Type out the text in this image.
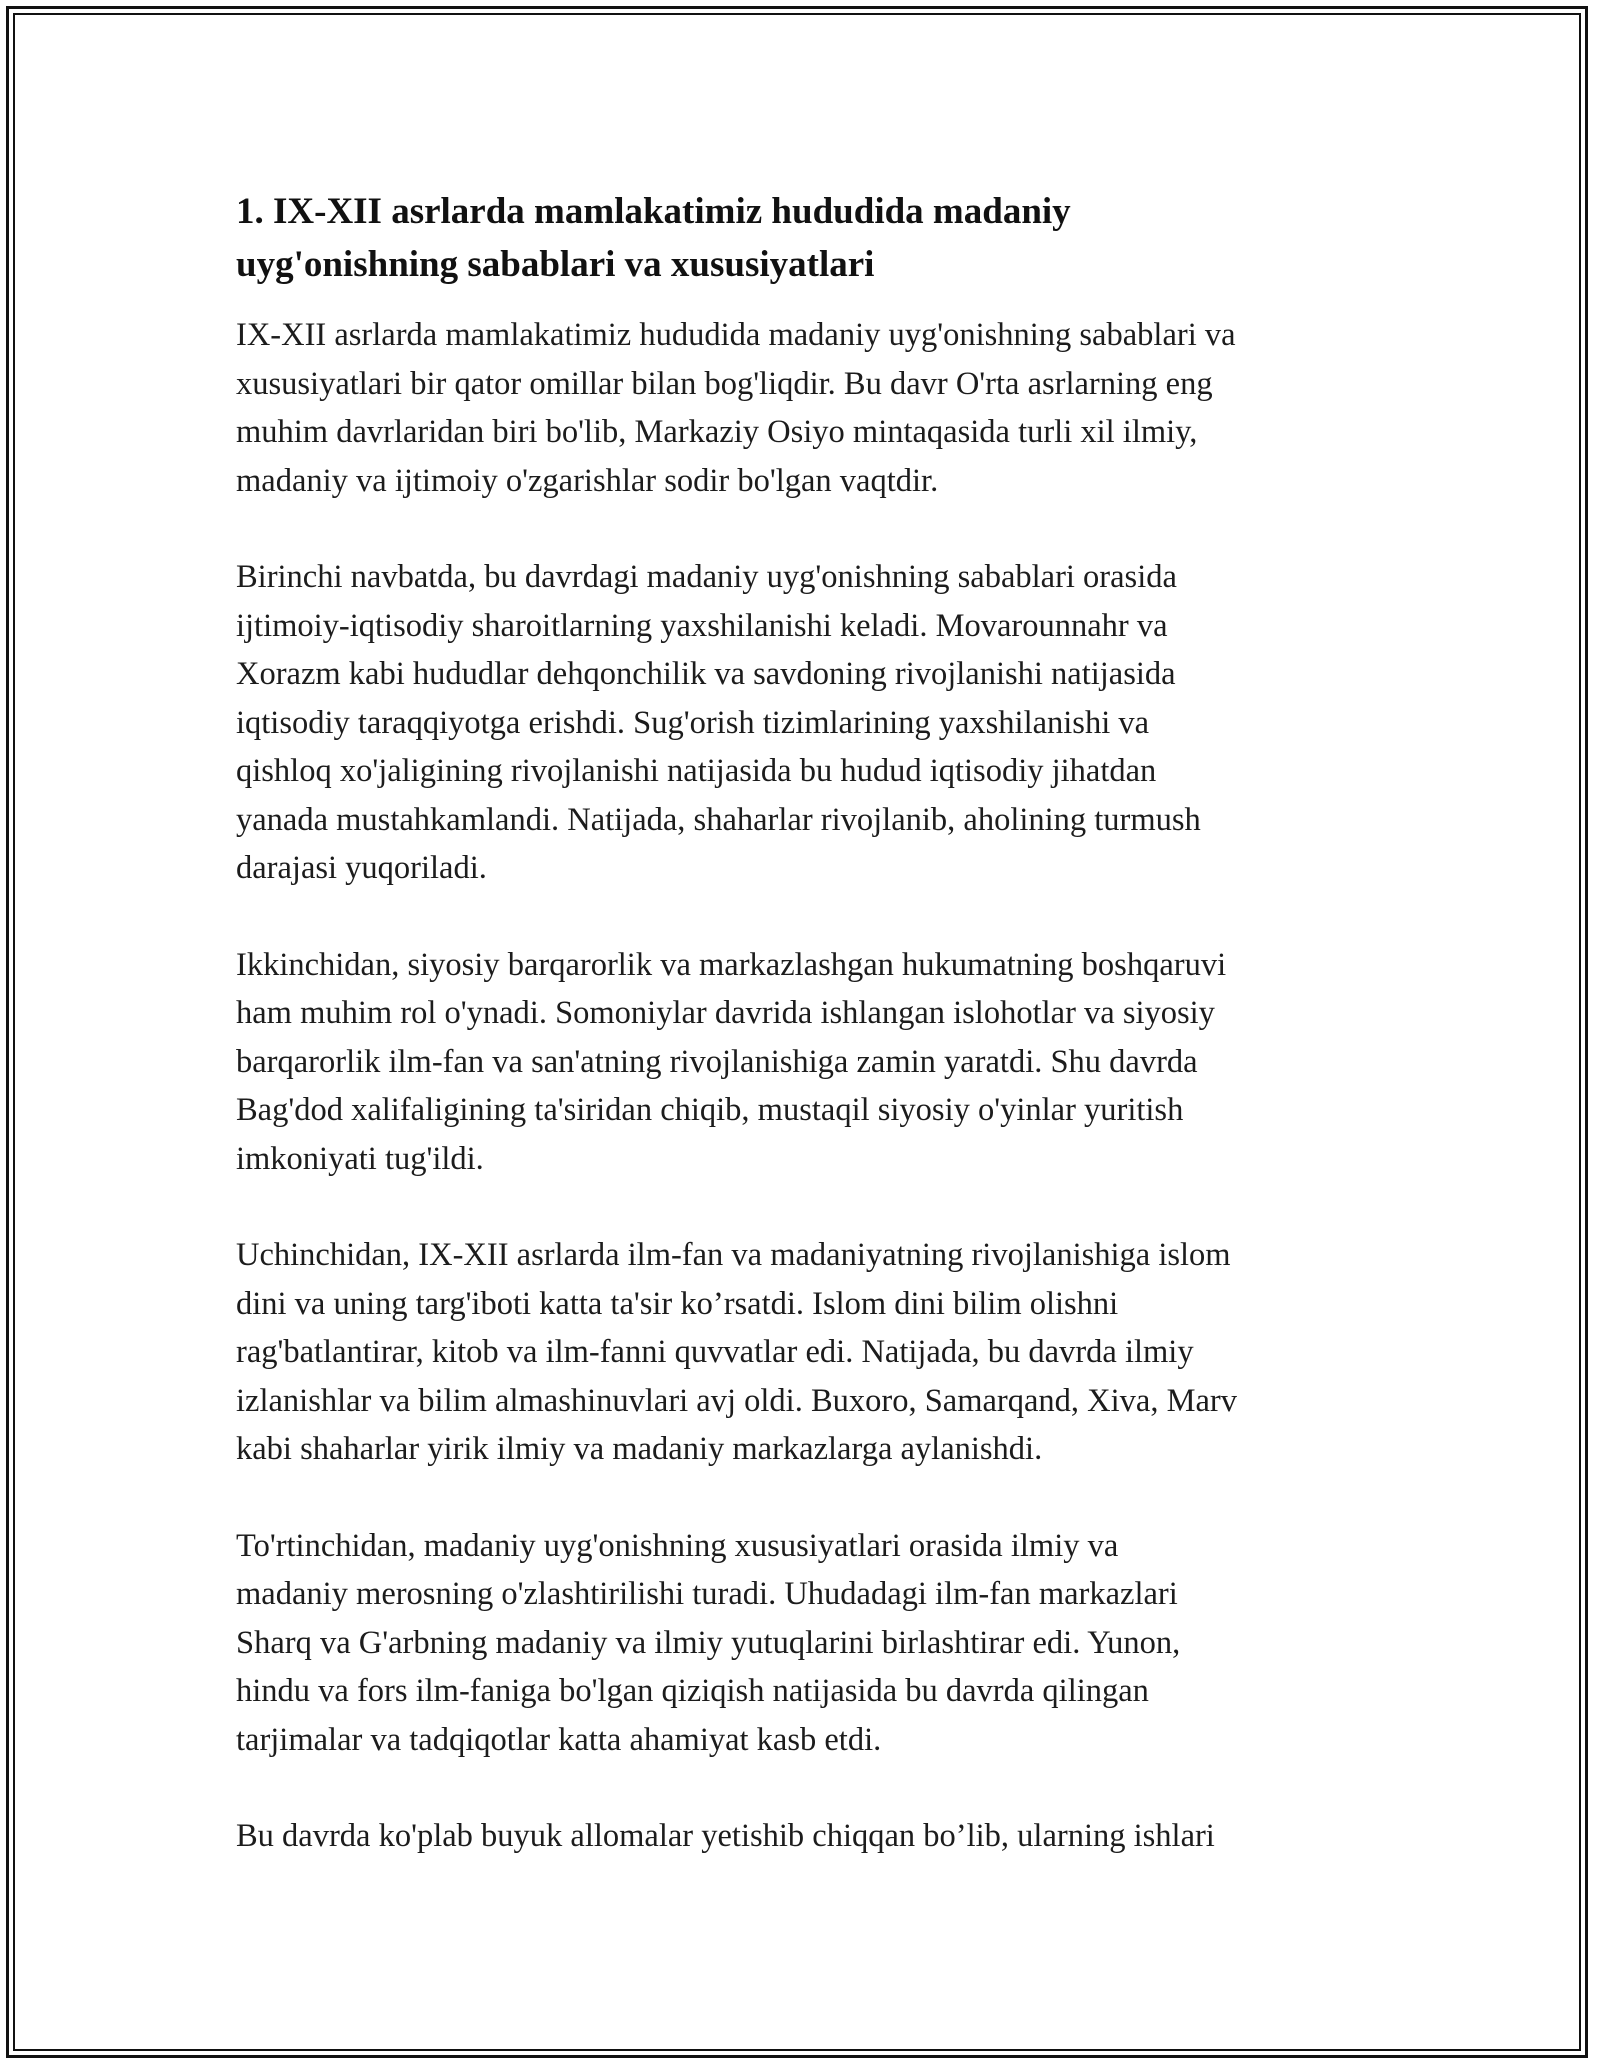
1. IX-XII asrlarda mamlakatimiz hududida madaniy
uyg'onishning sabablari va xususiyatlari

IX-XII asrlarda mamlakatimiz hududida madaniy uyg'onishning sabablari va
xususiyatlari bir qator omillar bilan bog'liqdir. Bu davr O'rta asrlarning eng
muhim davrlaridan biri bo'lib, Markaziy Osiyo mintaqasida turli xil ilmiy,
madaniy va ijtimoiy o'zgarishlar sodir bo'lgan vaqtdir.

Birinchi navbatda, bu davrdagi madaniy uyg'onishning sabablari orasida
ijtimoiy-iqtisodiy sharoitlarning yaxshilanishi keladi. Movarounnahr va
Xorazm kabi hududlar dehqonchilik va savdoning rivojlanishi natijasida
iqtisodiy taraqqiyotga erishdi. Sug'orish tizimlarining yaxshilanishi va
qishloq xo'jaligining rivojlanishi natijasida bu hudud iqtisodiy jihatdan
yanada mustahkamlandi. Natijada, shaharlar rivojlanib, aholining turmush
darajasi yuqoriladi.

Ikkinchidan, siyosiy barqarorlik va markazlashgan hukumatning boshqaruvi
ham muhim rol o'ynadi. Somoniylar davrida ishlangan islohotlar va siyosiy
barqarorlik ilm-fan va san'atning rivojlanishiga zamin yaratdi. Shu davrda
Bag'dod xalifaligining ta'siridan chiqib, mustaqil siyosiy o'yinlar yuritish
imkoniyati tug'ildi.

Uchinchidan, IX-XII asrlarda ilm-fan va madaniyatning rivojlanishiga islom
dini va uning targ'iboti katta ta'sir ko’rsatdi. Islom dini bilim olishni
rag'batlantirar, kitob va ilm-fanni quvvatlar edi. Natijada, bu davrda ilmiy
izlanishlar va bilim almashinuvlari avj oldi. Buxoro, Samarqand, Xiva, Marv
kabi shaharlar yirik ilmiy va madaniy markazlarga aylanishdi.

To'rtinchidan, madaniy uyg'onishning xususiyatlari orasida ilmiy va
madaniy merosning o'zlashtirilishi turadi. Uhudadagi ilm-fan markazlari
Sharq va G'arbning madaniy va ilmiy yutuqlarini birlashtirar edi. Yunon,
hindu va fors ilm-faniga bo'lgan qiziqish natijasida bu davrda qilingan
tarjimalar va tadqiqotlar katta ahamiyat kasb etdi.

Bu davrda ko'plab buyuk allomalar yetishib chiqqan bo’lib, ularning ishlari
